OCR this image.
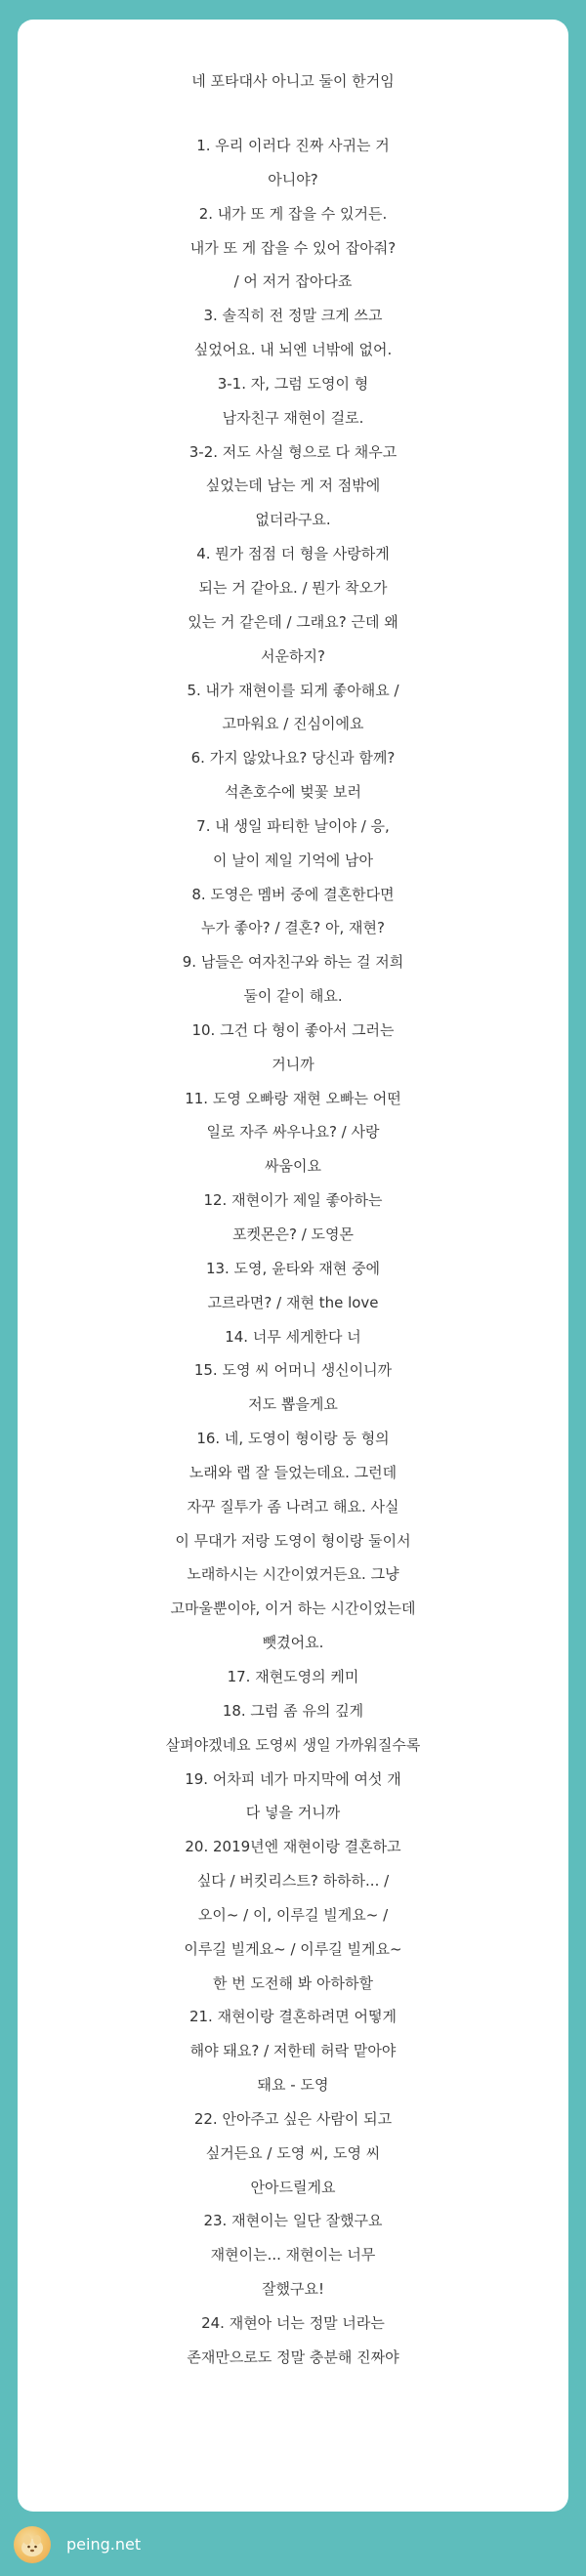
네 포타대사 아니고 둘이 한거임
1. 우리 이러다 진짜 사귀는 거
아니야?
2. 내가 또 게 잡을 수 있거든.
내가 또 게 잡을 수 있어 잡아줘?
/ 어 저거 잡아다죠
3. 솔직히 전 정말 크게 쓰고
싶었어요. 내 뇌엔 너밖에 없어.
3-1. 자, 그럼 도영이 형
남자친구 재현이 걸로.
3-2. 저도 사실 형으로 다 채우고
싶었는데 남는 게 저 점밖에
없더라구요.
4. 뭔가 점점 더 형을 사랑하게
되는 거 같아요. / 뭔가 착오가
있는 거 같은데 / 그래요? 근데 왜
서운하지?
5. 내가 재현이를 되게 좋아해요 /
고마워요 / 진심이에요
6. 가지 않았나요? 당신과 함께?
석촌호수에 벚꽃 보러
7. 내 생일 파티한 날이야 / 응,
이 날이 제일 기억에 남아
8. 도영은 멤버 중에 결혼한다면
누가 좋아? / 결혼? 아, 재현?
9. 남들은 여자친구와 하는 걸 저희
둘이 같이 해요.
10. 그건 다 형이 좋아서 그러는
거니까
11. 도영 오빠랑 재현 오빠는 어떤
일로 자주 싸우나요? / 사랑
싸움이요
12. 재현이가 제일 좋아하는
포켓몬은? / 도영몬
13. 도영, 윤타와 재현 중에
고르라면? / 재현 the love
14. 너무 세게한다 너
15. 도영 씨 어머니 생신이니까
저도 뽑을게요
16. 네, 도영이 형이랑 둥 형의
노래와 랩 잘 들었는데요. 그런데
자꾸 질투가 좀 나려고 해요. 사실
이 무대가 저랑 도영이 형이랑 둘이서
노래하시는 시간이였거든요. 그냥
고마울뿐이야, 이거 하는 시간이었는데
뺏겼어요.
17. 재현도영의 케미
18. 그럼 좀 유의 깊게
살펴야겠네요 도영씨 생일 가까워질수록
19. 어차피 네가 마지막에 여섯 개
다 넣을 거니까
20. 2019년엔 재현이랑 결혼하고
싶다 / 버킷리스트? 하하하... /
오이~ / 이, 이루길 빌게요~ /
이루길 빌게요~ / 이루길 빌게요~
한 번 도전해 봐 아하하할
21. 재현이랑 결혼하려면 어떻게
해야 돼요? / 저한테 허락 맡아야
돼요 - 도영
22. 안아주고 싶은 사람이 되고
싶거든요 / 도영 씨, 도영 씨
안아드릴게요
23. 재현이는 일단 잘했구요
재현이는... 재현이는 너무
잘했구요!
24. 재현아 너는 정말 너라는
존재만으로도 정말 충분해 진짜야
peing.net
